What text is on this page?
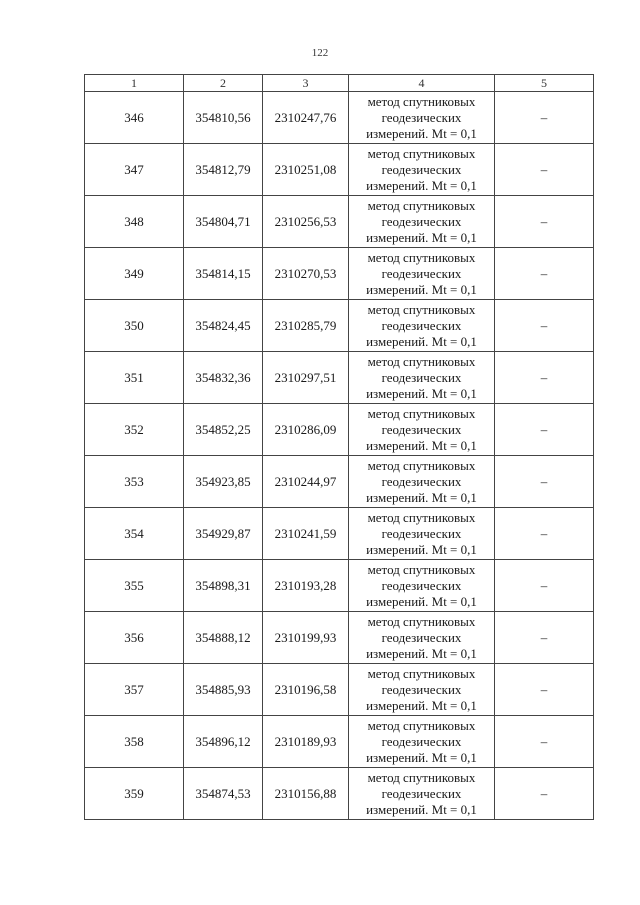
122
1	2	3	4	5
346	354810,56	2310247,76	метод спутниковых
геодезических
измерений. Mt = 0,1	–
347	354812,79	2310251,08	метод спутниковых
геодезических
измерений. Mt = 0,1	–
348	354804,71	2310256,53	метод спутниковых
геодезических
измерений. Mt = 0,1	–
349	354814,15	2310270,53	метод спутниковых
геодезических
измерений. Mt = 0,1	–
350	354824,45	2310285,79	метод спутниковых
геодезических
измерений. Mt = 0,1	–
351	354832,36	2310297,51	метод спутниковых
геодезических
измерений. Mt = 0,1	–
352	354852,25	2310286,09	метод спутниковых
геодезических
измерений. Mt = 0,1	–
353	354923,85	2310244,97	метод спутниковых
геодезических
измерений. Mt = 0,1	–
354	354929,87	2310241,59	метод спутниковых
геодезических
измерений. Mt = 0,1	–
355	354898,31	2310193,28	метод спутниковых
геодезических
измерений. Mt = 0,1	–
356	354888,12	2310199,93	метод спутниковых
геодезических
измерений. Mt = 0,1	–
357	354885,93	2310196,58	метод спутниковых
геодезических
измерений. Mt = 0,1	–
358	354896,12	2310189,93	метод спутниковых
геодезических
измерений. Mt = 0,1	–
359	354874,53	2310156,88	метод спутниковых
геодезических
измерений. Mt = 0,1	–
